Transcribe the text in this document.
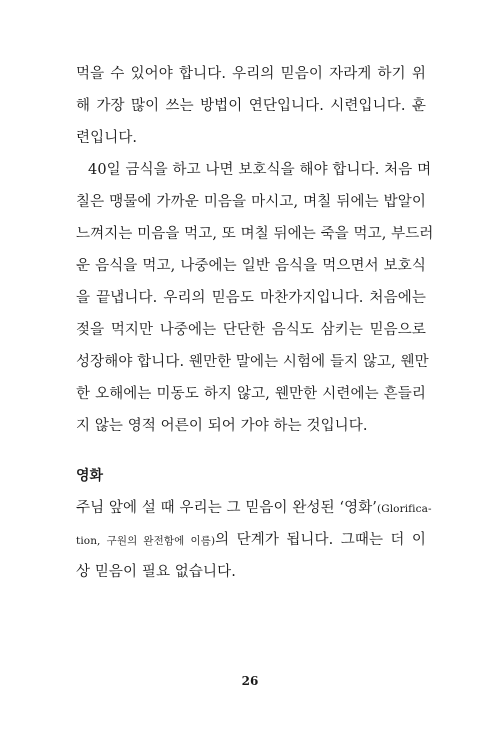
먹을 수 있어야 합니다. 우리의 믿음이 자라게 하기 위
해 가장 많이 쓰는 방법이 연단입니다. 시련입니다. 훈
련입니다.
40일 금식을 하고 나면 보호식을 해야 합니다. 처음 며
칠은 맹물에 가까운 미음을 마시고, 며칠 뒤에는 밥알이
느껴지는 미음을 먹고, 또 며칠 뒤에는 죽을 먹고, 부드러
운 음식을 먹고, 나중에는 일반 음식을 먹으면서 보호식
을 끝냅니다. 우리의 믿음도 마찬가지입니다. 처음에는
젖을 먹지만 나중에는 단단한 음식도 삼키는 믿음으로
성장해야 합니다. 웬만한 말에는 시험에 들지 않고, 웬만
한 오해에는 미동도 하지 않고, 웬만한 시련에는 흔들리
지 않는 영적 어른이 되어 가야 하는 것입니다.
영화
주님 앞에 설 때 우리는 그 믿음이 완성된 ‘영화’(Glorifica-
tion, 구원의 완전함에 이름)의 단계가 됩니다. 그때는 더 이
상 믿음이 필요 없습니다.
26
